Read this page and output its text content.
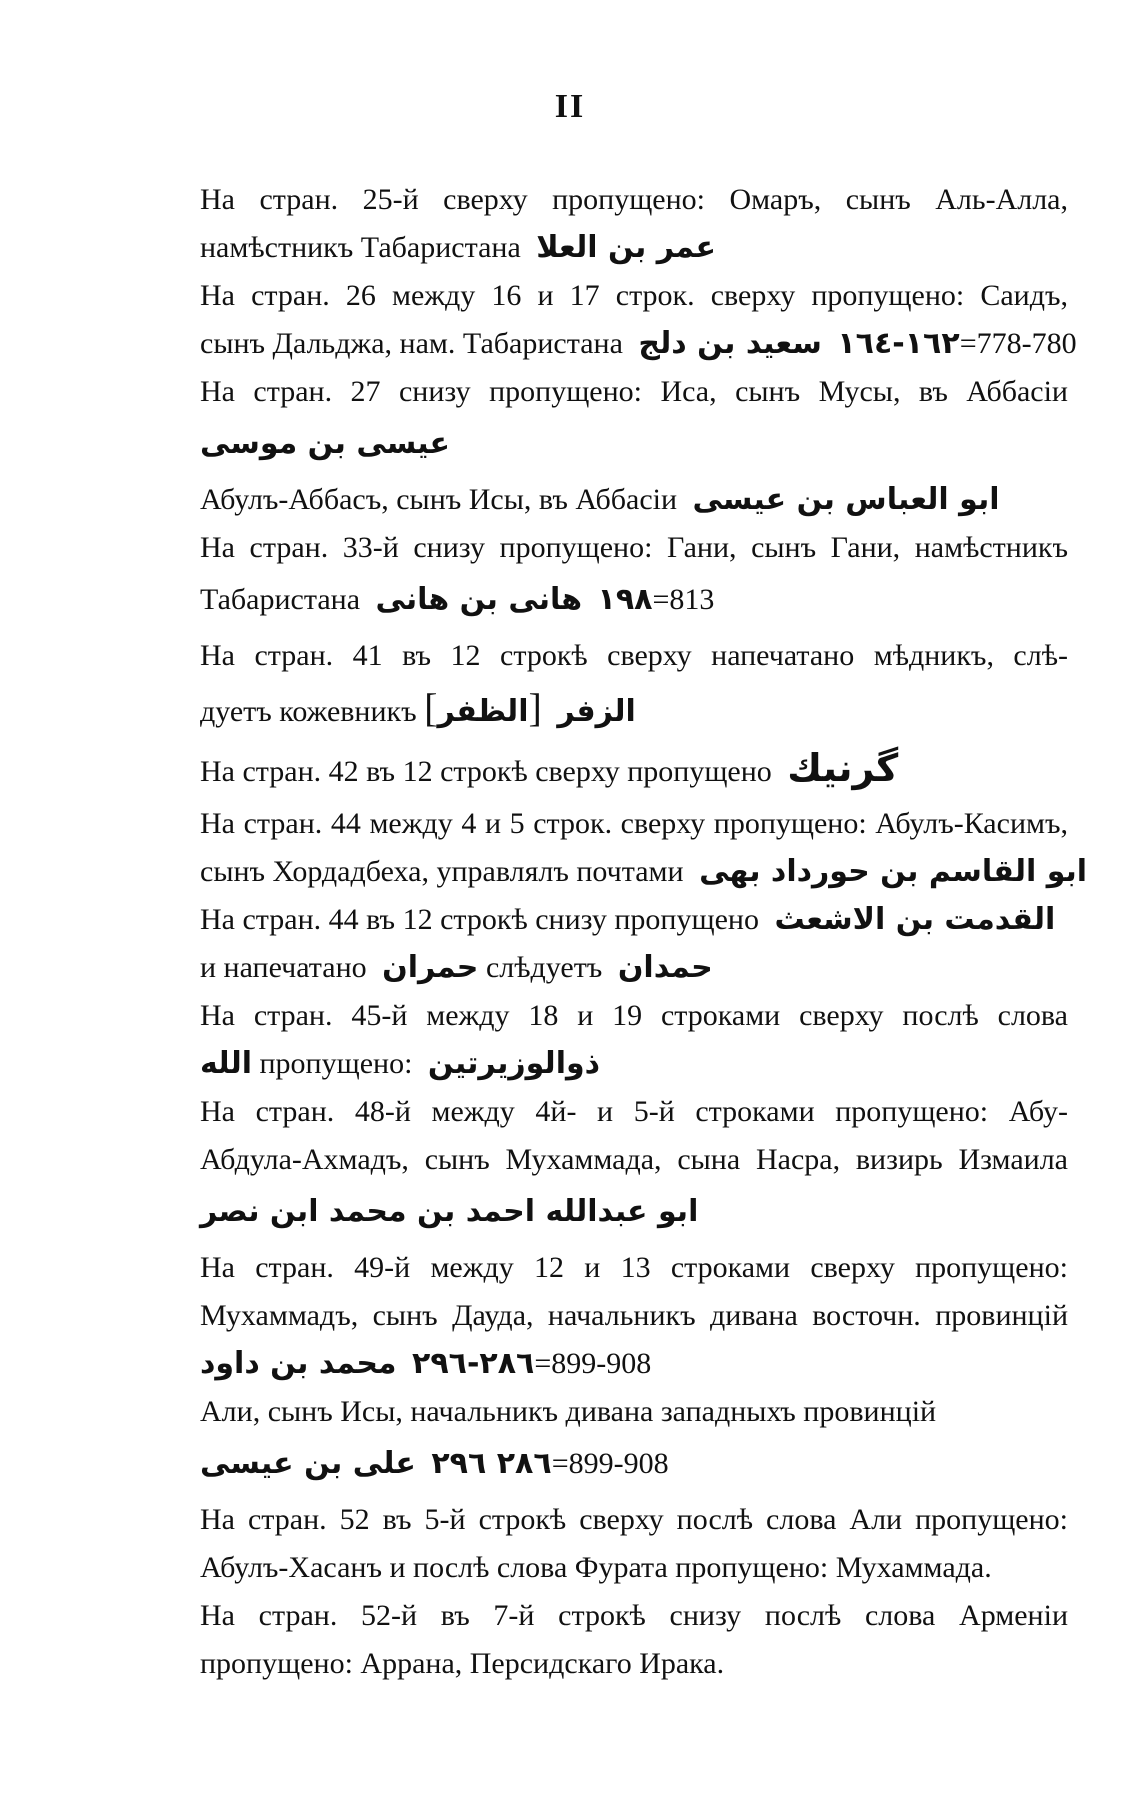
II
На стран. 25-й сверху пропущено: Омаръ, сынъ Аль-Алла,
намѣстникъ Табаристана عمر بن العلا
На стран. 26 между 16 и 17 строк. сверху пропущено: Саидъ,
сынъ Дальджа, нам. Табаристана سعيد بن دلج ١٦٢-١٦٤=778-780
На стран. 27 снизу пропущено: Иса, сынъ Мусы, въ Аббасіи
عيسى بن موسى
Абулъ-Аббасъ, сынъ Исы, въ Аббасіи ابو العباس بن عيسى
На стран. 33-й снизу пропущено: Гани, сынъ Гани, намѣстникъ
Табаристана هانى بن هانى ١٩٨=813
На стран. 41 въ 12 строкѣ сверху напечатано мѣдникъ, слѣ-
дуетъ кожевникъ [الظفر] الزفر
На стран. 42 въ 12 строкѣ сверху пропущено گرنيك
На стран. 44 между 4 и 5 строк. сверху пропущено: Абулъ-Касимъ,
сынъ Хордадбеха, управлялъ почтами ابو القاسم بن حورداد بهى
На стран. 44 въ 12 строкѣ снизу пропущено القدمت بن الاشعث
и напечатано حمران слѣдуетъ حمدان
На стран. 45-й между 18 и 19 строками сверху послѣ слова
الله пропущено: ذوالوزيرتين
На стран. 48-й между 4й- и 5-й строками пропущено: Абу-
Абдула-Ахмадъ, сынъ Мухаммада, сына Насра, визирь Измаила
ابو عبدالله احمد بن محمد ابن نصر
На стран. 49-й между 12 и 13 строками сверху пропущено:
Мухаммадъ, сынъ Дауда, начальникъ дивана восточн. провинцій
محمد بن داود ٢٨٦-٢٩٦=899-908
Али, сынъ Исы, начальникъ дивана западныхъ провинцій
على بن عيسى ٢٨٦ ٢٩٦=899-908
На стран. 52 въ 5-й строкѣ сверху послѣ слова Али пропущено:
Абулъ-Хасанъ и послѣ слова Фурата пропущено: Мухаммада.
На стран. 52-й въ 7-й строкѣ снизу послѣ слова Арменіи
пропущено: Аррана, Персидскаго Ирака.
